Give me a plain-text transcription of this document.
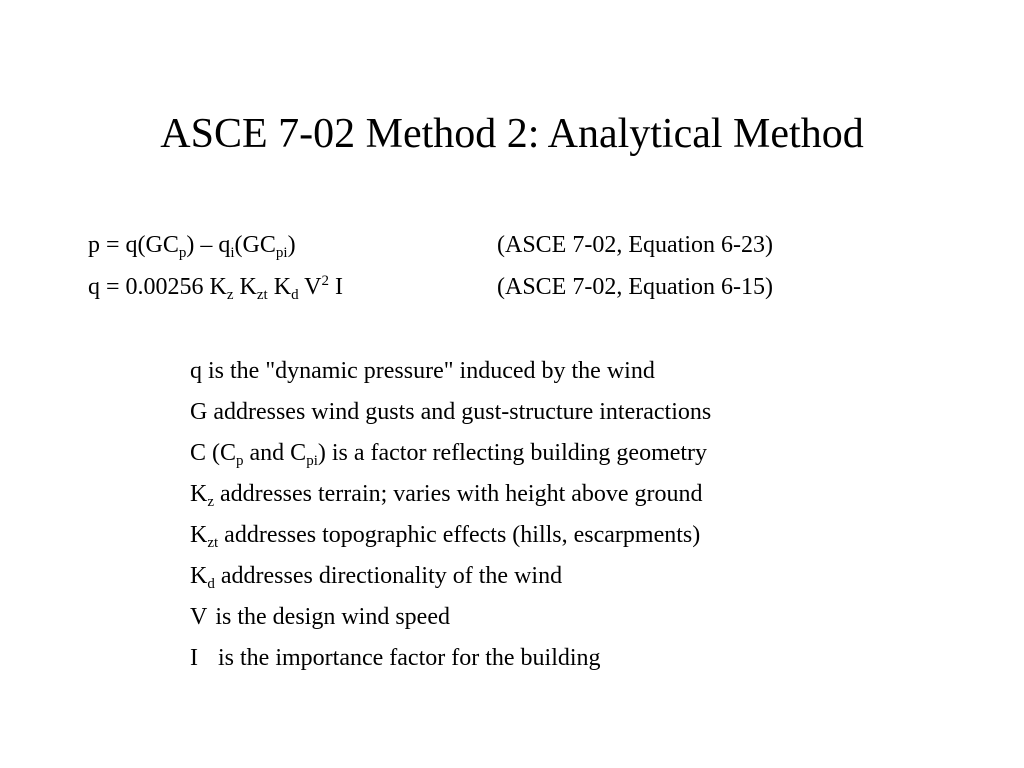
ASCE 7-02 Method 2: Analytical Method
$p = q(GC_p) - q_i(GC_{pi})$	(ASCE 7-02, Equation 6-23)
q = 0.00256 $K_z$ $K_{zt}$ $K_d$ $V^2$ I	(ASCE 7-02, Equation 6-15)
q is the "dynamic pressure" induced by the wind
G addresses wind gusts and gust-structure interactions
C ($C_p$ and $C_{pi}$) is a factor reflecting building geometry
$K_z$ addresses terrain; varies with height above ground
$K_{zt}$ addresses topographic effects (hills, escarpments)
$K_d$ addresses directionality of the wind
V is the design wind speed
I is the importance factor for the building
